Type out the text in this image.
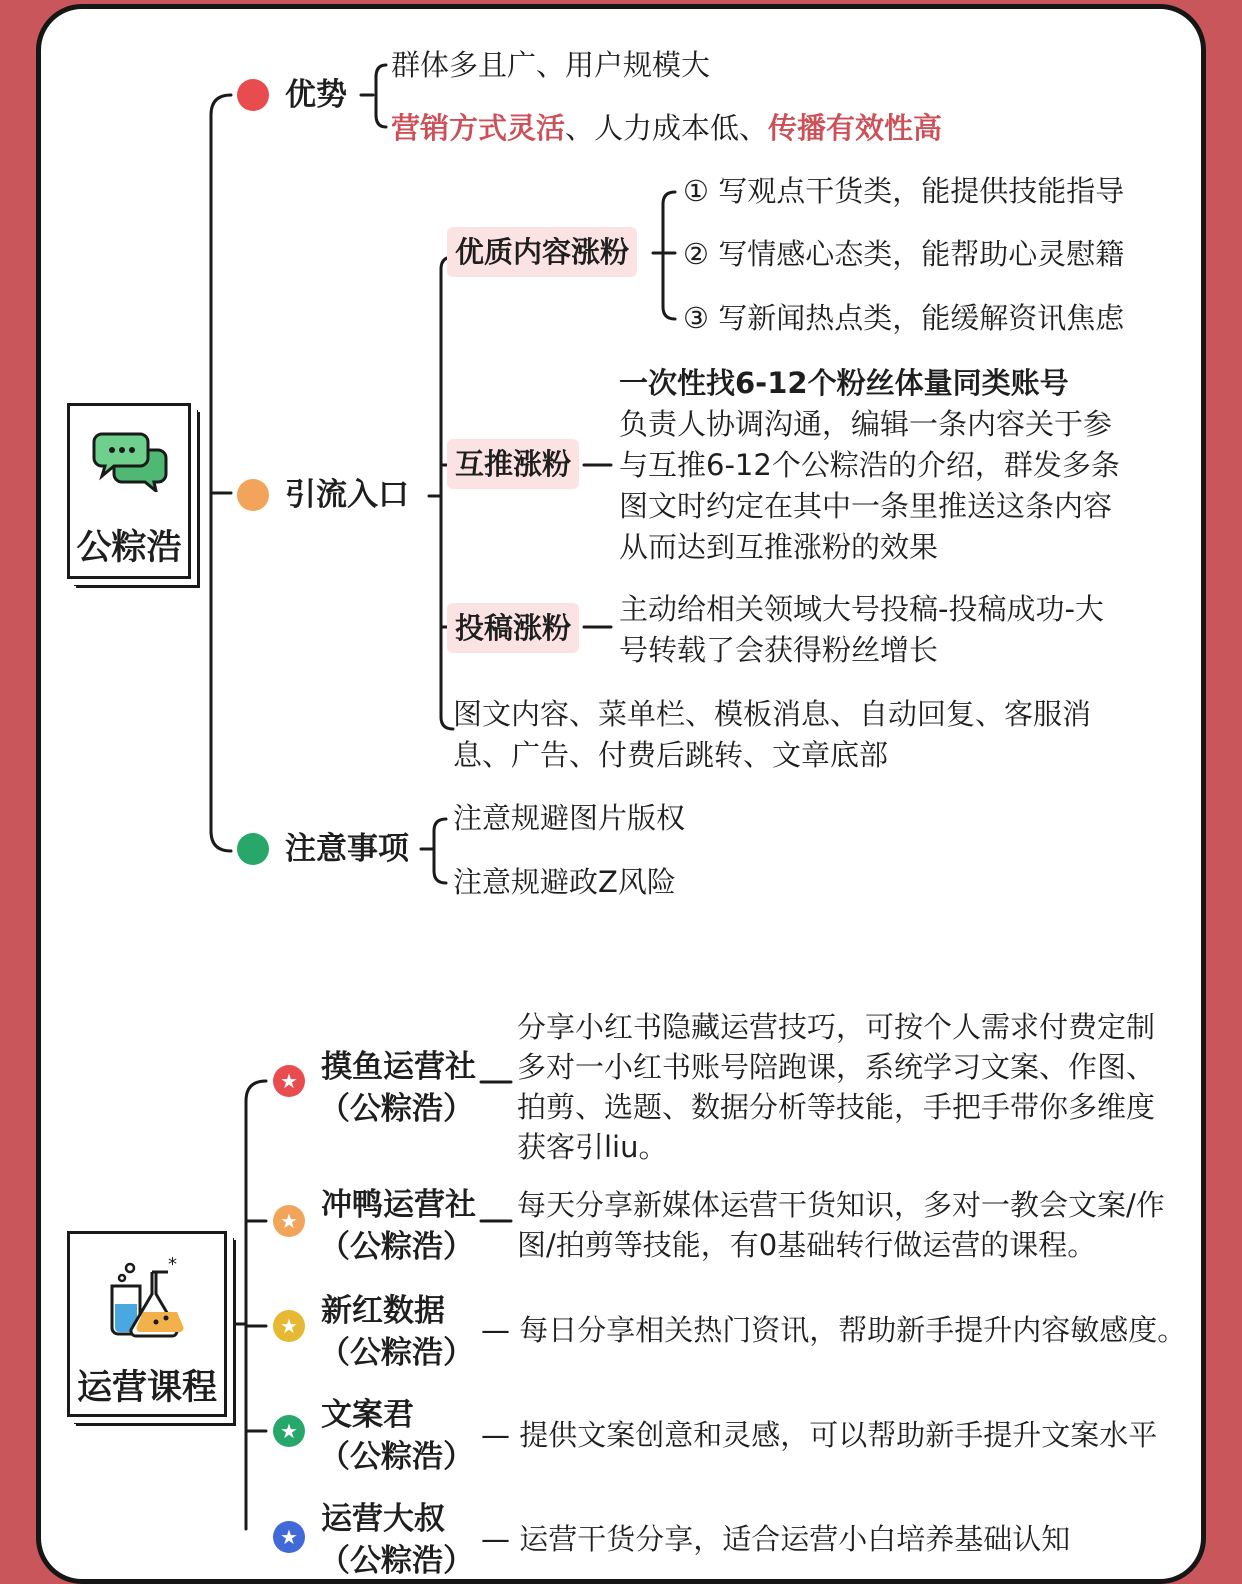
公粽浩
优势
群体多且广、用户规模大
营销方式灵活、人力成本低、传播有效性高
引流入口
优质内容涨粉
① 写观点干货类，能提供技能指导
② 写情感心态类，能帮助心灵慰籍
③ 写新闻热点类，能缓解资讯焦虑
互推涨粉
一次性找6-12个粉丝体量同类账号
负责人协调沟通，编辑一条内容关于参
与互推6-12个公粽浩的介绍，群发多条
图文时约定在其中一条里推送这条内容
从而达到互推涨粉的效果
投稿涨粉
主动给相关领域大号投稿-投稿成功-大
号转载了会获得粉丝增长
图文内容、菜单栏、模板消息、自动回复、客服消
息、广告、付费后跳转、文章底部
注意事项
注意规避图片版权
注意规避政Z风险
*
运营课程
★ 摸鱼运营社
（公粽浩）
分享小红书隐藏运营技巧，可按个人需求付费定制
多对一小红书账号陪跑课，系统学习文案、作图、
拍剪、选题、数据分析等技能，手把手带你多维度
获客引liu。
★ 冲鸭运营社
（公粽浩）
每天分享新媒体运营干货知识，多对一教会文案/作
图/拍剪等技能，有0基础转行做运营的课程。
★ 新红数据
（公粽浩）
— 每日分享相关热门资讯，帮助新手提升内容敏感度。
★ 文案君
（公粽浩）
— 提供文案创意和灵感，可以帮助新手提升文案水平
★ 运营大叔
（公粽浩）
— 运营干货分享，适合运营小白培养基础认知
